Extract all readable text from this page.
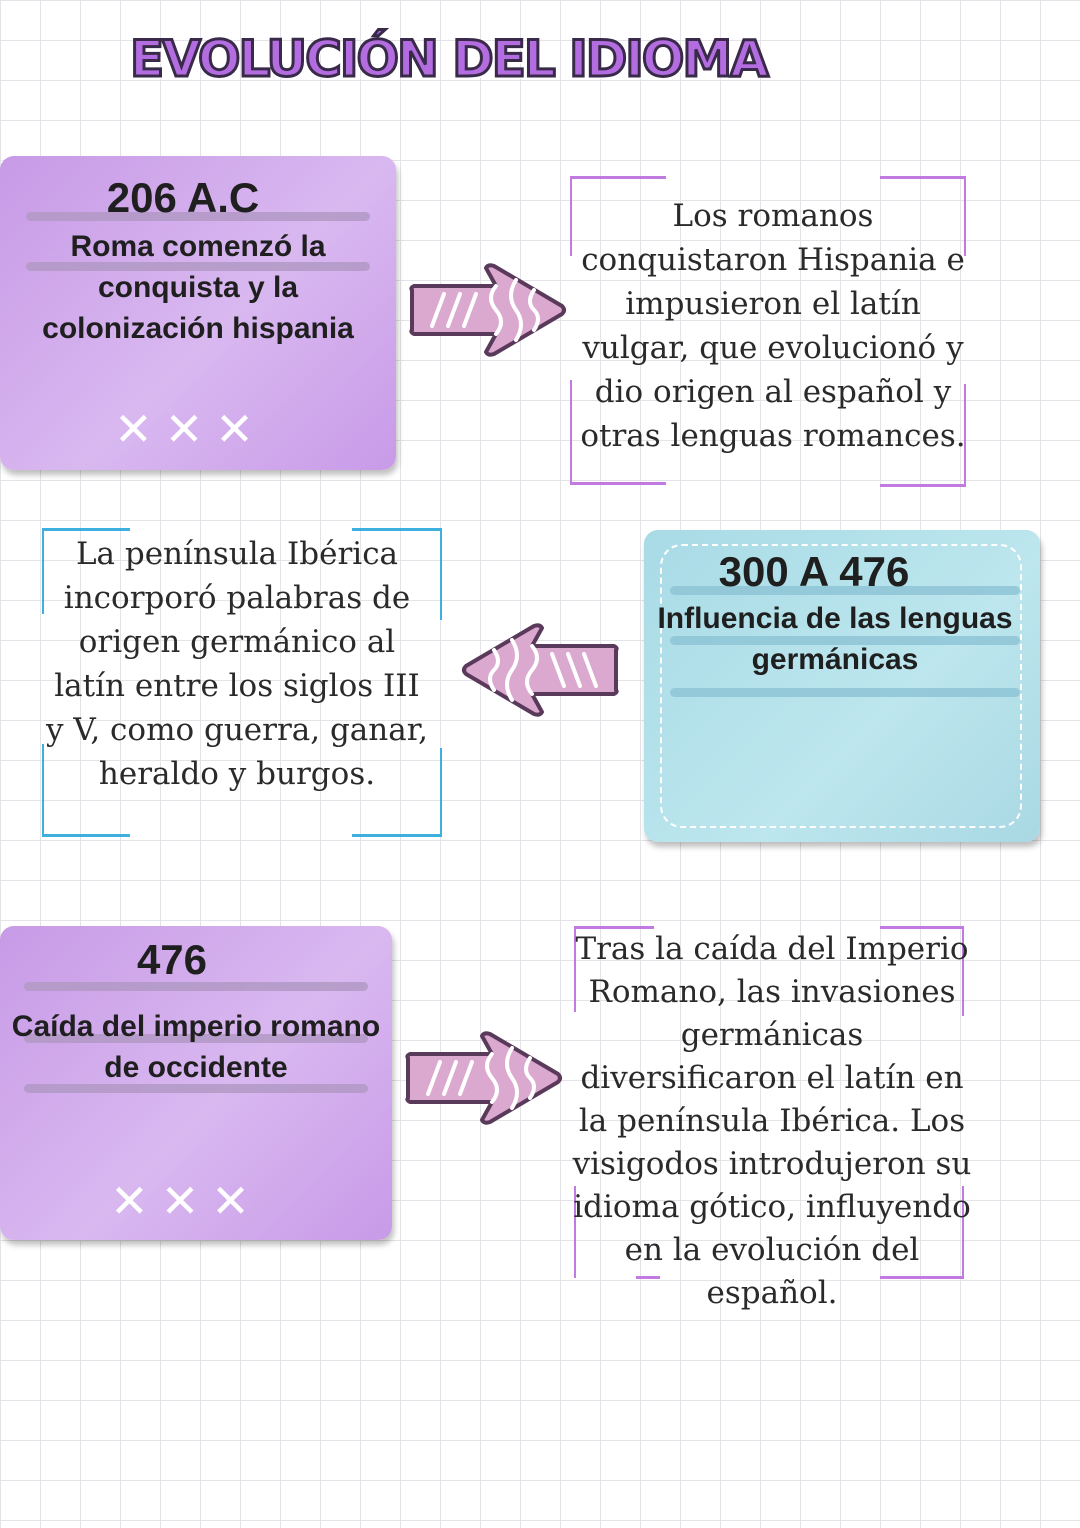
EVOLUCIÓN DEL IDIOMA
206 A.C
Roma comenzó la conquista y la colonización hispania
✕✕✕
Los romanos conquistaron Hispania e impusieron el latín vulgar, que evolucionó y dio origen al español y otras lenguas romances.
La península Ibérica incorporó palabras de origen germánico al latín entre los siglos III y V, como guerra, ganar, heraldo y burgos.
300 A 476
Influencia de las lenguas germánicas
476
Caída del imperio romano de occidente
✕✕✕
Tras la caída del Imperio Romano, las invasiones germánicas diversificaron el latín en la península Ibérica. Los visigodos introdujeron su idioma gótico, influyendo en la evolución del español.
